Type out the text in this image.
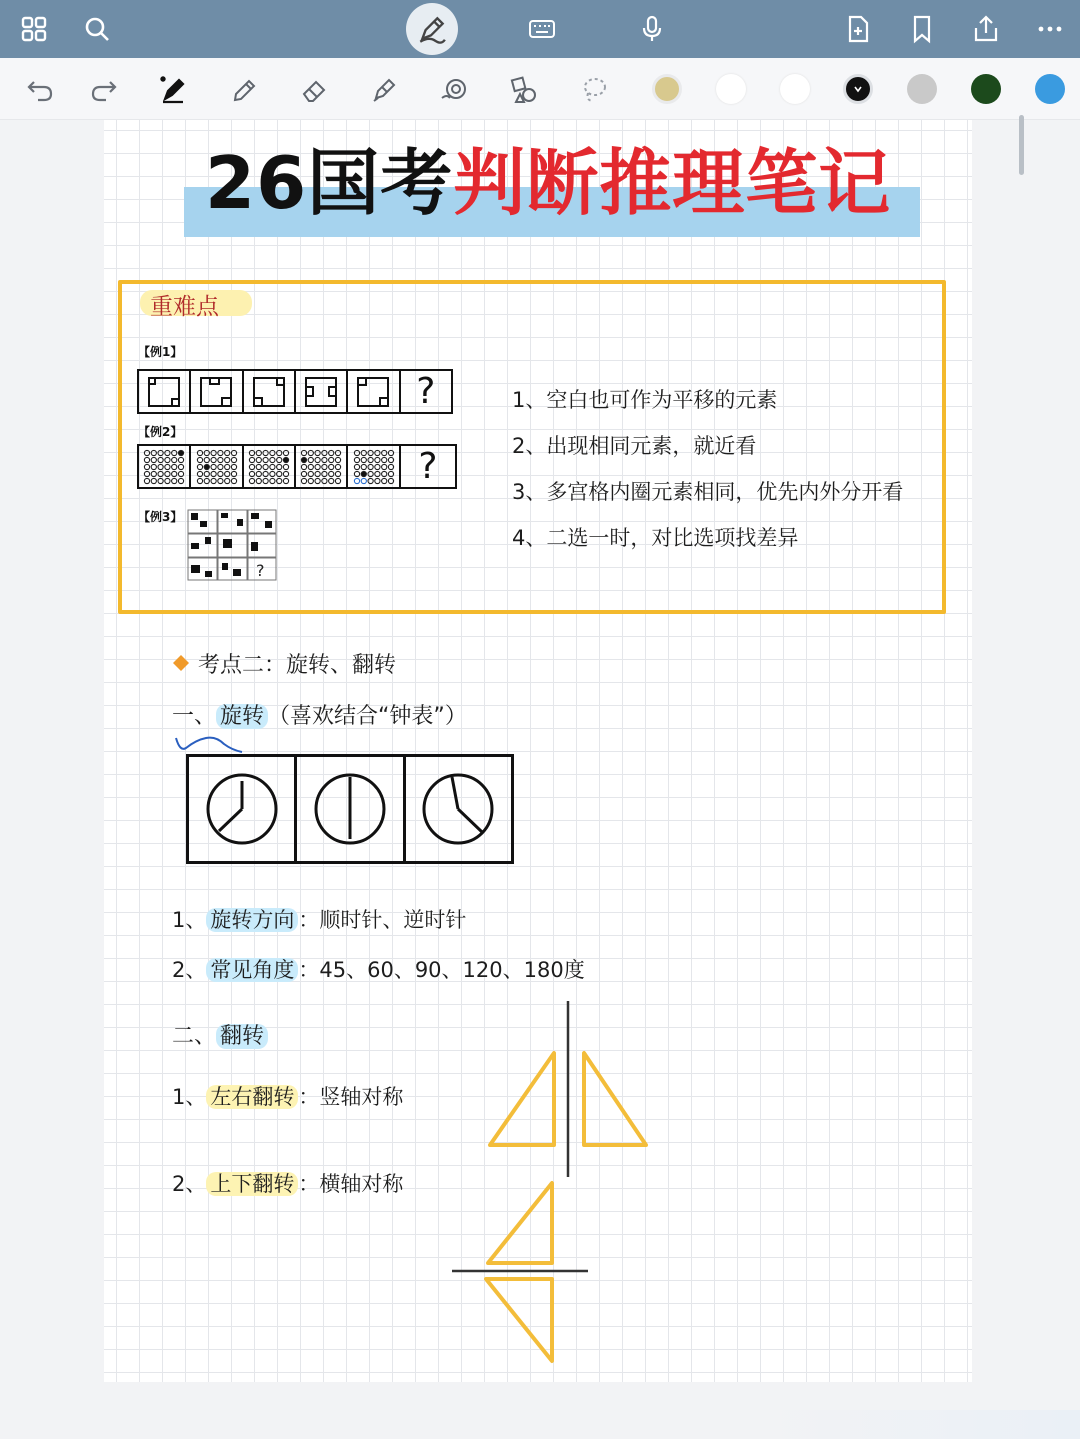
26国考判断推理笔记
重难点
【例1】
?
【例2】
?
【例3】
?
1、空白也可作为平移的元素
2、出现相同元素，就近看
3、多宫格内圈元素相同，优先内外分开看
4、二选一时，对比选项找差异
考点二：旋转、翻转
一、 旋转 （喜欢结合“钟表”）
1、 旋转方向 ：顺时针、逆时针
2、 常见角度 ：45、60、90、120、180度
二、 翻转
1、 左右翻转 ：竖轴对称
2、 上下翻转 ：横轴对称
